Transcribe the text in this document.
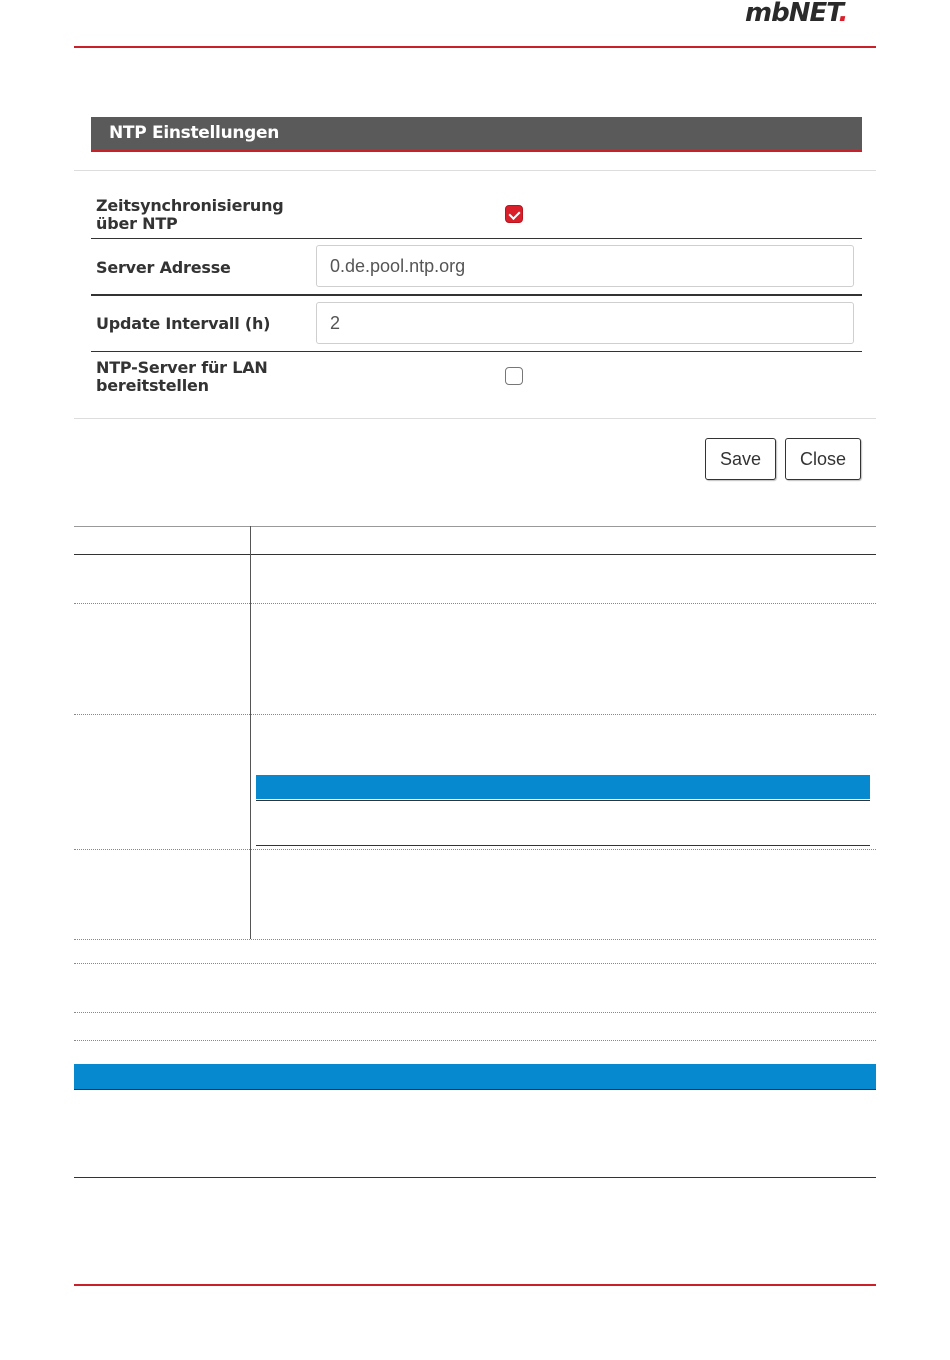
mbNET.
NTP Einstellungen
Zeitsynchronisierung
über NTP
Server Adresse	0.de.pool.ntp.org
Update Intervall (h)	2
NTP-Server für LAN
bereitstellen
Save	Close
